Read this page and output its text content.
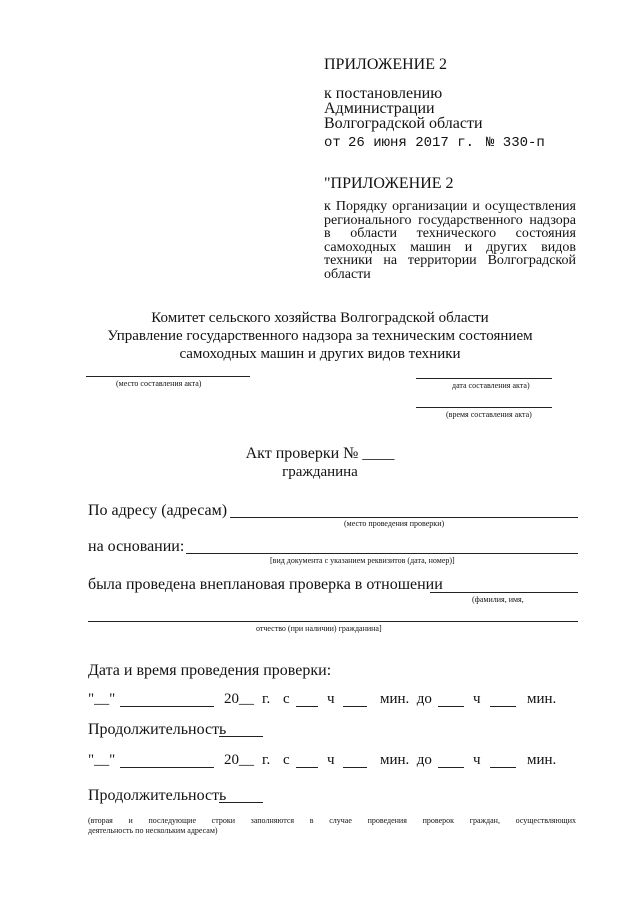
ПРИЛОЖЕНИЕ 2
к постановлению
Администрации
Волгоградской области
от 26 июня 2017 г. № 330-п
"ПРИЛОЖЕНИЕ 2
к Порядку организации и осуществления
регионального государственного надзора
в области технического состояния
самоходных машин и других видов
техники на территории Волгоградской
области
Комитет сельского хозяйства Волгоградской области
Управление государственного надзора за техническим состоянием
самоходных машин и других видов техники
(место составления акта)	дата составления акта)
(время составления акта)
Акт проверки № ____
гражданина
По адресу (адресам)
(место проведения проверки)
на основании:
[вид документа с указанием реквизитов (дата, номер)]
была проведена внеплановая проверка в отношении
(фамилия, имя,
отчество (при наличии) гражданина]
Дата и время проведения проверки:
"__"	20__ г. с ч	мин.  до	ч	мин.
Продолжительность
"__"	20__ г. с ч	мин.  до	ч	мин.
Продолжительность
(вторая и последующие строки заполняются в случае проведения проверок граждан, осуществляющих
деятельность по нескольким адресам)
